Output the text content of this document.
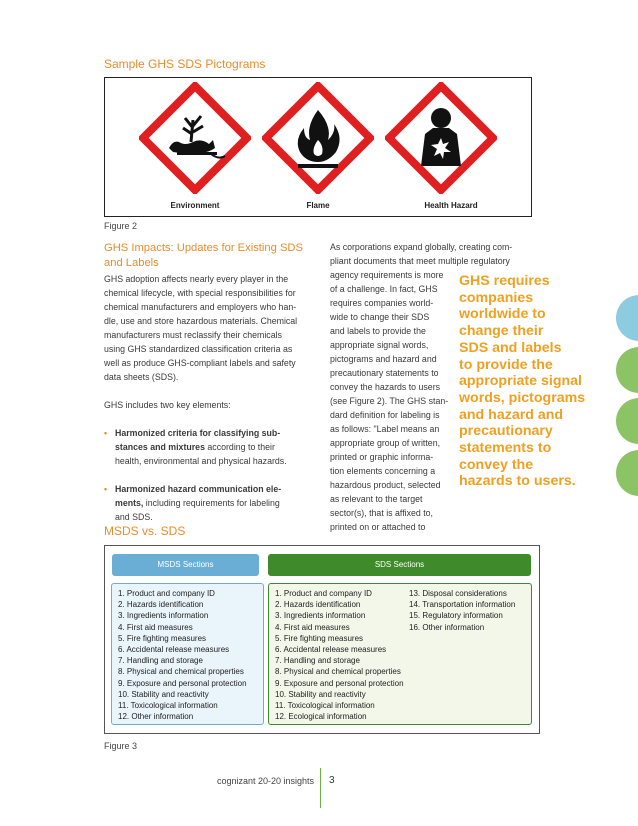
Sample GHS SDS Pictograms
Environment	Flame	Health Hazard
Figure 2
GHS Impacts: Updates for Existing SDS
and Labels

GHS adoption affects nearly every player in the

chemical lifecycle, with special responsibilities for

chemical manufacturers and employers who han-

dle, use and store hazardous materials. Chemical

manufacturers must reclassify their chemicals

using GHS standardized classification criteria as

well as produce GHS-compliant labels and safety

data sheets (SDS).

GHS includes two key elements:

• Harmonized criteria for classifying sub-

stances and mixtures according to their

health, environmental and physical hazards.

• Harmonized hazard communication ele-

ments, including requirements for labeling

and SDS.

As corporations expand globally, creating com-

pliant documents that meet multiple regulatory

agency requirements is more

of a challenge. In fact, GHS

requires companies world-

wide to change their SDS

and labels to provide the

appropriate signal words,

pictograms and hazard and

precautionary statements to

convey the hazards to users

(see Figure 2). The GHS stan-

dard definition for labeling is

as follows: "Label means an

appropriate group of written,

printed or graphic informa-

tion elements concerning a

hazardous product, selected

as relevant to the target

sector(s), that is affixed to,

printed on or attached to

GHS requires
companies
worldwide to
change their
SDS and labels
to provide the
appropriate signal
words, pictograms
and hazard and
precautionary
statements to
convey the
hazards to users.
MSDS vs. SDS
MSDS Sections	SDS Sections
1. Product and company ID
2. Hazards identification
3. Ingredients information
4. First aid measures
5. Fire fighting measures
6. Accidental release measures
7. Handling and storage
8. Physical and chemical properties
9. Exposure and personal protection
10. Stability and reactivity
11. Toxicological information
12. Other information
1. Product and company ID
2. Hazards identification
3. Ingredients information
4. First aid measures
5. Fire fighting measures
6. Accidental release measures
7. Handling and storage
8. Physical and chemical properties
9. Exposure and personal protection
10. Stability and reactivity
11. Toxicological information
12. Ecological information
13. Disposal considerations
14. Transportation information
15. Regulatory information
16. Other information
Figure 3
cognizant 20-20 insights 3
